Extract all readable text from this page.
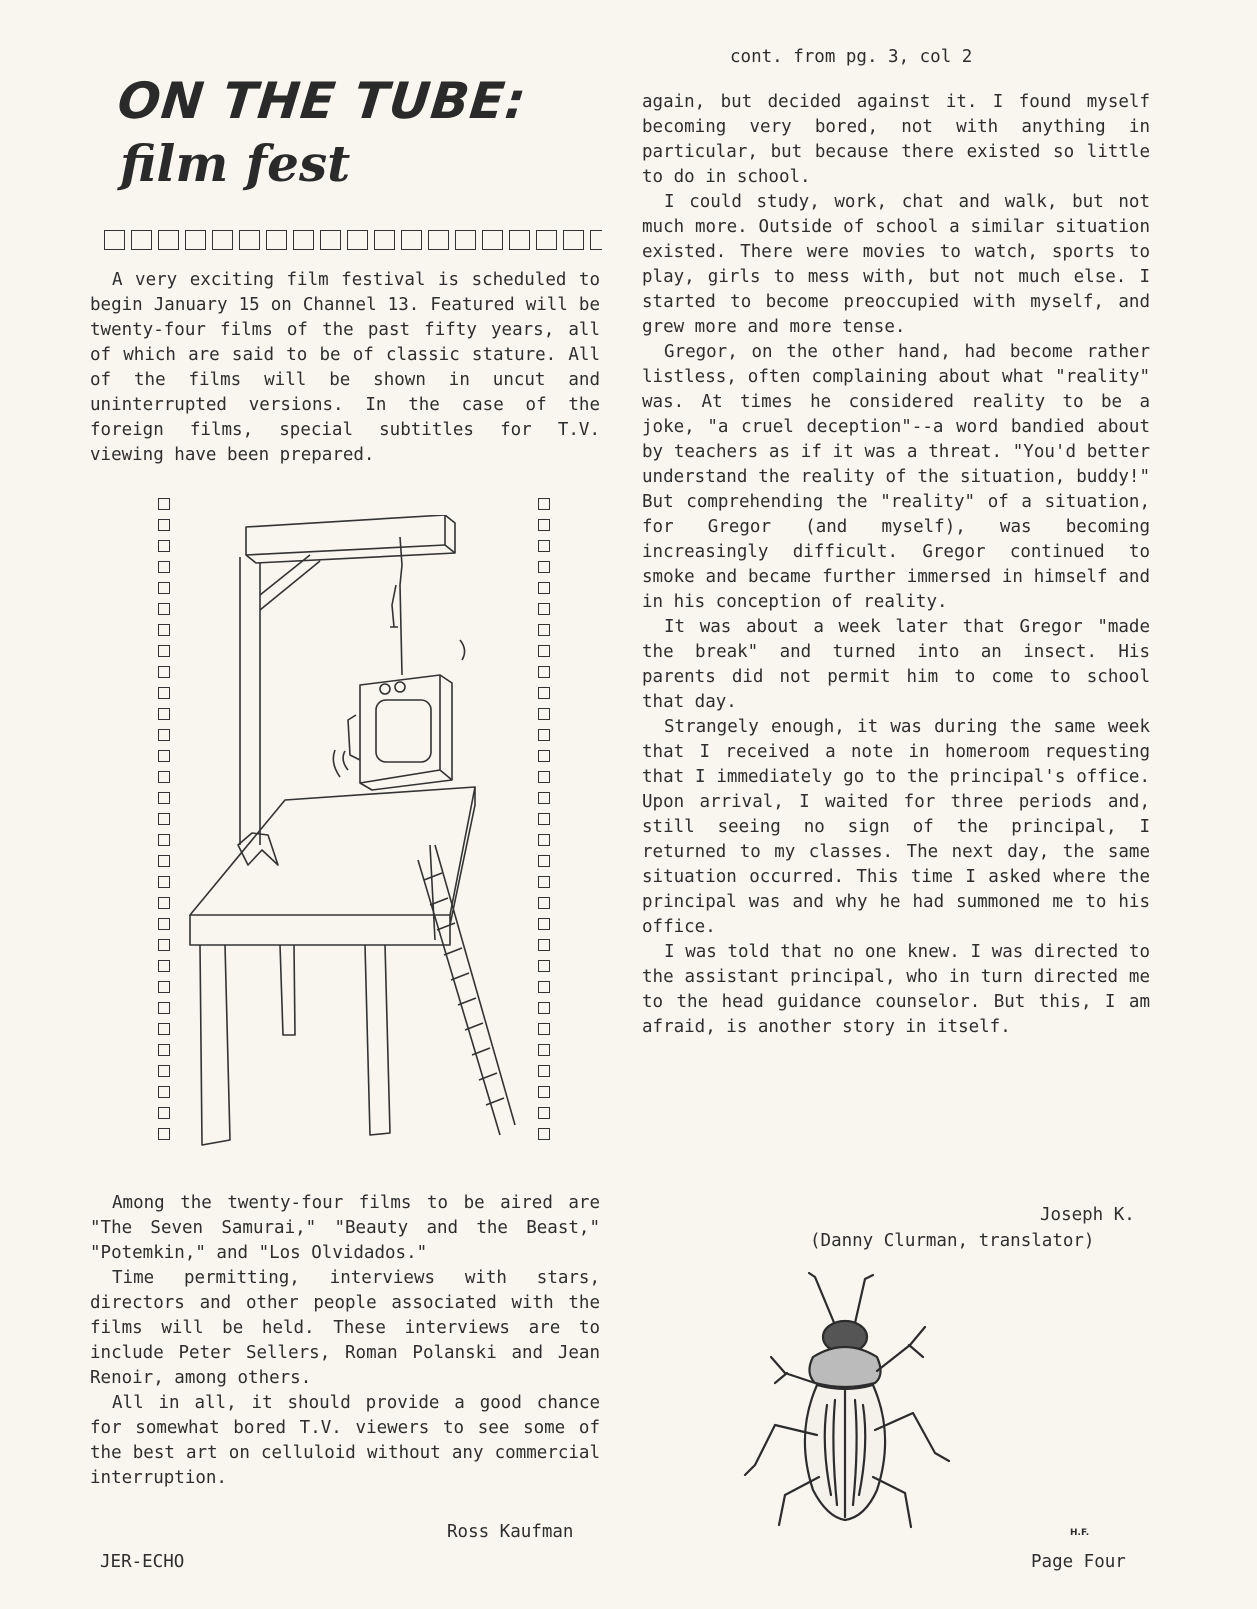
cont. from pg. 3, col 2
ON THE TUBE:
film fest

A very exciting film festival is scheduled to begin January 15 on Channel 13. Featured will be twenty-four films of the past fifty years, all of which are said to be of classic stature. All of the films will be shown in uncut and uninterrupted versions. In the case of the foreign films, special subtitles for T.V. viewing have been prepared.

Among the twenty-four films to be aired are "The Seven Samurai," "Beauty and the Beast," "Potemkin," and "Los Olvidados."

Time permitting, interviews with stars, directors and other people associated with the films will be held. These interviews are to include Peter Sellers, Roman Polanski and Jean Renoir, among others.

All in all, it should provide a good chance for somewhat bored T.V. viewers to see some of the best art on celluloid without any commercial interruption.

Ross Kaufman

again, but decided against it. I found myself becoming very bored, not with anything in particular, but because there existed so little to do in school.

I could study, work, chat and walk, but not much more. Outside of school a similar situation existed. There were movies to watch, sports to play, girls to mess with, but not much else. I started to become preoccupied with myself, and grew more and more tense.

Gregor, on the other hand, had become rather listless, often complaining about what "reality" was. At times he considered reality to be a joke, "a cruel deception"--a word bandied about by teachers as if it was a threat. "You'd better understand the reality of the situation, buddy!" But comprehending the "reality" of a situation, for Gregor (and myself), was becoming increasingly difficult. Gregor continued to smoke and became further immersed in himself and in his conception of reality.

It was about a week later that Gregor "made the break" and turned into an insect. His parents did not permit him to come to school that day.

Strangely enough, it was during the same week that I received a note in homeroom requesting that I immediately go to the principal's office. Upon arrival, I waited for three periods and, still seeing no sign of the principal, I returned to my classes. The next day, the same situation occurred. This time I asked where the principal was and why he had summoned me to his office.

I was told that no one knew. I was directed to the assistant principal, who in turn directed me to the head guidance counselor. But this, I am afraid, is another story in itself.

Joseph K.
(Danny Clurman, translator)
H.F.
JER-ECHO	Page Four
